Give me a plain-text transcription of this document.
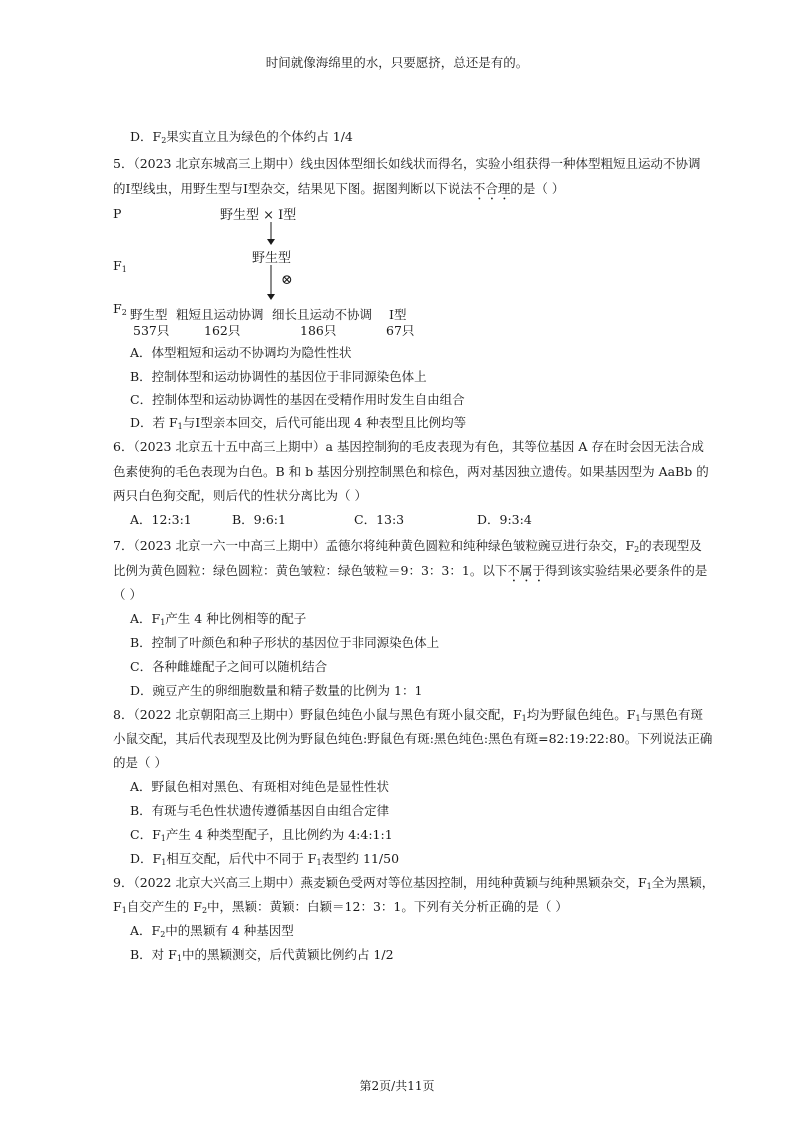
时间就像海绵里的水，只要愿挤，总还是有的。
D．$F_2$果实直立且为绿色的个体约占 1/4
5．（2023 北京东城高三上期中）线虫因体型细长如线状而得名，实验小组获得一种体型粗短且运动不协调
的Ⅰ型线虫，用野生型与Ⅰ型杂交，结果见下图。据图判断以下说法不合理的是（ ）
P	野生型 × Ⅰ型
$F_1$
野生型
⊗
$F_2$ 野生型 粗短且运动协调 细长且运动不协调 Ⅰ型
537只	162只	186只	67只
A．体型粗短和运动不协调均为隐性性状
B．控制体型和运动协调性的基因位于非同源染色体上
C．控制体型和运动协调性的基因在受精作用时发生自由组合
D．若 $F_1$与Ⅰ型亲本回交，后代可能出现 4 种表型且比例均等
6．（2023 北京五十五中高三上期中）a 基因控制狗的毛皮表现为有色，其等位基因 A 存在时会因无法合成
色素使狗的毛色表现为白色。B 和 b 基因分别控制黑色和棕色，两对基因独立遗传。如果基因型为 AaBb 的
两只白色狗交配，则后代的性状分离比为（ ）
A．12:3:1	B．9:6:1	C．13:3	D．9:3:4
7．（2023 北京一六一中高三上期中）孟德尔将纯种黄色圆粒和纯种绿色皱粒豌豆进行杂交，$F_2$的表现型及
比例为黄色圆粒：绿色圆粒：黄色皱粒：绿色皱粒＝9：3：3：1。以下不属于得到该实验结果必要条件的是
（ ）
A．$F_1$产生 4 种比例相等的配子
B．控制了叶颜色和种子形状的基因位于非同源染色体上
C．各种雌雄配子之间可以随机结合
D．豌豆产生的卵细胞数量和精子数量的比例为 1：1
8．（2022 北京朝阳高三上期中）野鼠色纯色小鼠与黑色有斑小鼠交配，$F_1$均为野鼠色纯色。$F_1$与黑色有斑
小鼠交配，其后代表现型及比例为野鼠色纯色:野鼠色有斑:黑色纯色:黑色有斑=82:19:22:80。下列说法正确
的是（ ）
A．野鼠色相对黑色、有斑相对纯色是显性性状
B．有斑与毛色性状遗传遵循基因自由组合定律
C．$F_1$产生 4 种类型配子，且比例约为 4:4:1:1
D．$F_1$相互交配，后代中不同于 $F_1$表型约 11/50
9．（2022 北京大兴高三上期中）燕麦颖色受两对等位基因控制，用纯种黄颖与纯种黑颖杂交，$F_1$全为黑颖，
$F_1$自交产生的 $F_2$中，黑颖：黄颖：白颖＝12：3：1。下列有关分析正确的是（ ）
A．$F_2$中的黑颖有 4 种基因型
B．对 $F_1$中的黑颖测交，后代黄颖比例约占 1/2
第2页/共11页
